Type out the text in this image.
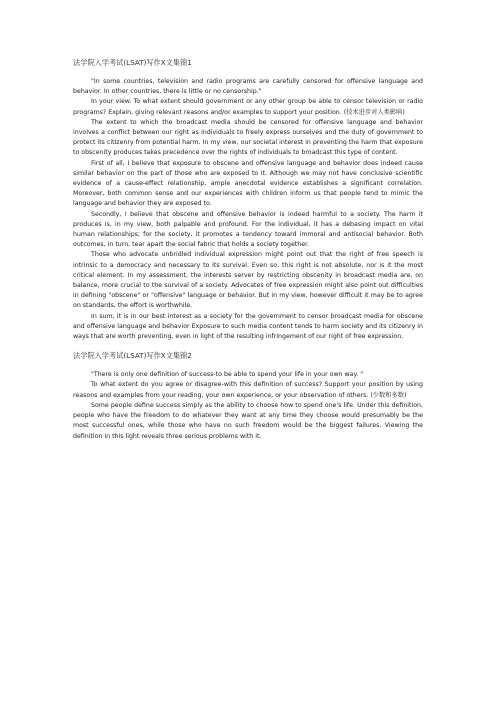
法学院入学考试(LSAT)写作Ⅹ文集锦1

"In some countries, television and radio programs are carefully censored for offensive language and behavior. In other countries, there is little or no censorship."

In your view. To what extent should government or any other group be able to censor television or radio programs? Explain, giving relevant reasons and/or examples to support your position. (技术进步对人类影响)

The extent to which the broadcast media should be censored for offensive language and behavior involves a conflict between our right as individuals to freely express ourselves and the duty of government to protect its citizenry from potential harm. In my view, our societal interest in preventing the harm that exposure to obscenity produces takes precedence over the rights of individuals to broadcast this type of content.

First of all, I believe that exposure to obscene and offensive language and behavior does indeed cause similar behavior on the part of those who are exposed to it. Although we may not have conclusive scientific evidence of a cause-effect relationship, ample anecdotal evidence establishes a significant correlation. Moreover, both common sense and our experiences with children inform us that people tend to mimic the language and behavior they are exposed to.

Secondly, I believe that obscene and offensive behavior is indeed harmful to a society. The harm it produces is, in my view, both palpable and profound. For the individual, it has a debasing impact on vital human relationships; for the society, it promotes a tendency toward immoral and antisocial behavior. Both outcomes, in turn, tear apart the social fabric that holds a society together.

Those who advocate unbridled individual expression might point out that the right of free speech is intrinsic to a democracy and necessary to its survival. Even so, this right is not absolute, nor is it the most critical element. In my assessment, the interests server by restricting obscenity in broadcast media are, on balance, more crucial to the survival of a society. Advocates of free expression might also point out difficulties in defining "obscene" or "offensive" language or behavior. But in my view, however difficult it may be to agree on standards, the effort is worthwhile.

In sum, it is in our best interest as a society for the government to censor broadcast media for obscene and offensive language and behavior Exposure to such media content tends to harm society and its citizenry in ways that are worth preventing, even in light of the resulting infringement of our right of free expression.

法学院入学考试(LSAT)写作Ⅹ文集锦2

"There is only one definition of success-to be able to spend your life in your own way. "

To what extent do you agree or disagree-with this definition of success? Support your position by using reasons and examples from your reading, your own experience, or your observation of others. (少数和多数)

Some people define success simply as the ability to choose how to spend one's life. Under this definition, people who have the freedom to do whatever they want at any time they choose would presumably be the most successful ones, while those who have no such freedom would be the biggest failures. Viewing the definition in this light reveals three serious problems with it.
